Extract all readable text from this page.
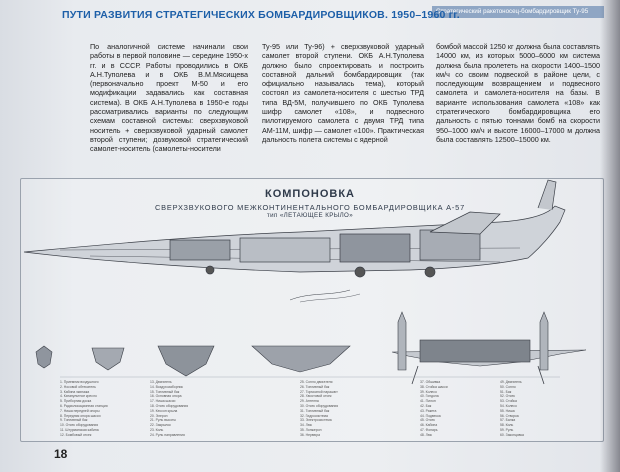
Стратегический ракетоносец-бомбардировщик Ту-95
ПУТИ РАЗВИТИЯ СТРАТЕГИЧЕСКИХ БОМБАРДИРОВЩИКОВ. 1950–1960 гг.

По аналогичной системе начинали свои работы в первой половине — середине 1950-х гг. и в СССР. Работы проводились в ОКБ А.Н.Туполева и в ОКБ В.М.Мясищева (первоначально проект М-50 и его модификации задавались как составная система). В ОКБ А.Н.Туполева в 1950-е годы рассматривались варианты по следующим схемам составной системы: сверхзвуковой носитель + сверхзвуковой ударный самолет второй ступени; дозвуковой стратегический самолет-носитель (самолеты-носители

Ту-95 или Ту-96) + сверхзвуковой ударный самолет второй ступени. ОКБ А.Н.Туполева должно было спроектировать и построить составной дальний бомбардировщик (так официально называлась тема), который состоял из самолета-носителя с шестью ТРД типа ВД-5М, получившего по ОКБ Туполева шифр самолет «108», и подвесного пилотируемого самолета с двумя ТРД типа АМ-11М, шифр — самолет «100». Практическая дальность полета системы с ядерной

бомбой массой 1250 кг должна была составлять 14000 км, из которых 5000–6000 км система должна была пролететь на скорости 1400–1500 км/ч со своим подвеской в районе цели, с последующим возвращением и подвесного самолета и самолета-носителя на базы. В варианте использования самолета «108» как стратегического бомбардировщика его дальность с пятью тоннами бомб на скорости 950–1000 км/ч и высоте 16000–17000 м должна была составлять 12500–15000 км.

КОМПОНОВКА
СВЕРХЗВУКОВОГО МЕЖКОНТИНЕНТАЛЬНОГО БОМБАРДИРОВЩИКА А-57
тип «ЛЕТАЮЩЕЕ КРЫЛО»
1. Приемник воздушного
2. Носовой обтекатель
3. Кабина экипажа
4. Катапультное кресло
5. Приборная доска
6. Радиолокационная станция
7. Ниша передней опоры
8. Передняя опора шасси
9. Топливный бак
10. Отсек оборудования
11. Штурманская кабина
12. Бомбовый отсек
13. Двигатель
14. Воздухозаборник
15. Топливный бак
16. Основная опора
17. Ниша шасси
18. Отсек оборудования
19. Кессон крыла
20. Элерон
21. Руль высоты
22. Закрылок
23. Киль
24. Руль направления
25. Сопло двигателя
26. Топливный бак
27. Тормозной парашют
28. Хвостовой отсек
29. Антенна
30. Отсек оборудования
31. Топливный бак
32. Гидросистема
33. Электросистема
34. Люк
35. Лонжерон
36. Нервюра
37. Обшивка
38. Стойка шасси
39. Колесо
40. Гондола
41. Пилон
42. Бак
43. Ракета
44. Подвеска
45. Отсек
46. Кабина
47. Фонарь
48. Люк
49. Двигатель
50. Сопло
51. Бак
52. Отсек
53. Стойка
54. Колесо
55. Ниша
56. Створка
57. Балка
58. Киль
59. Руль
60. Законцовка
18
